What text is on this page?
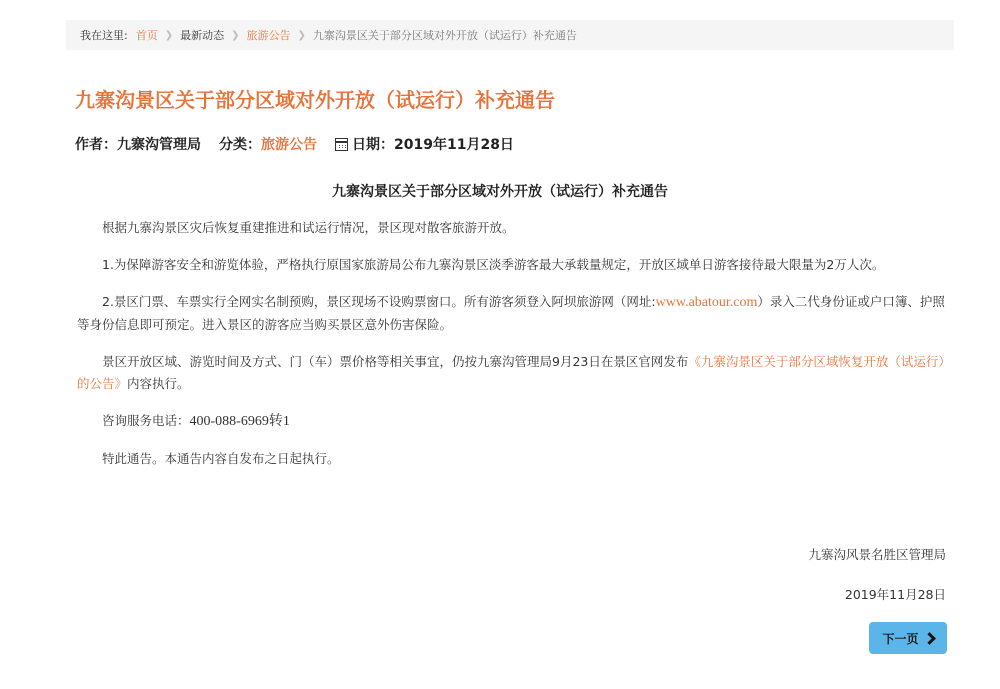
我在这里: 首页 ❯ 最新动态 ❯ 旅游公告 ❯ 九寨沟景区关于部分区域对外开放（试运行）补充通告
九寨沟景区关于部分区域对外开放（试运行）补充通告
作者： 九寨沟管理局 分类： 旅游公告	日期： 2019年11月28日
九寨沟景区关于部分区域对外开放（试运行）补充通告

根据九寨沟景区灾后恢复重建推进和试运行情况，景区现对散客旅游开放。

1.为保障游客安全和游览体验，严格执行原国家旅游局公布九寨沟景区淡季游客最大承载量规定，开放区域单日游客接待最大限量为2万人次。

2.景区门票、车票实行全网实名制预购，景区现场不设购票窗口。所有游客须登入阿坝旅游网（网址:www.abatour.com）录入二代身份证或户口簿、护照等身份信息即可预定。进入景区的游客应当购买景区意外伤害保险。

景区开放区域、游览时间及方式、门（车）票价格等相关事宜，仍按九寨沟管理局9月23日在景区官网发布《九寨沟景区关于部分区域恢复开放（试运行）的公告》内容执行。

咨询服务电话：400-088-6969转1

特此通告。本通告内容自发布之日起执行。

九寨沟风景名胜区管理局
2019年11月28日
下一页
